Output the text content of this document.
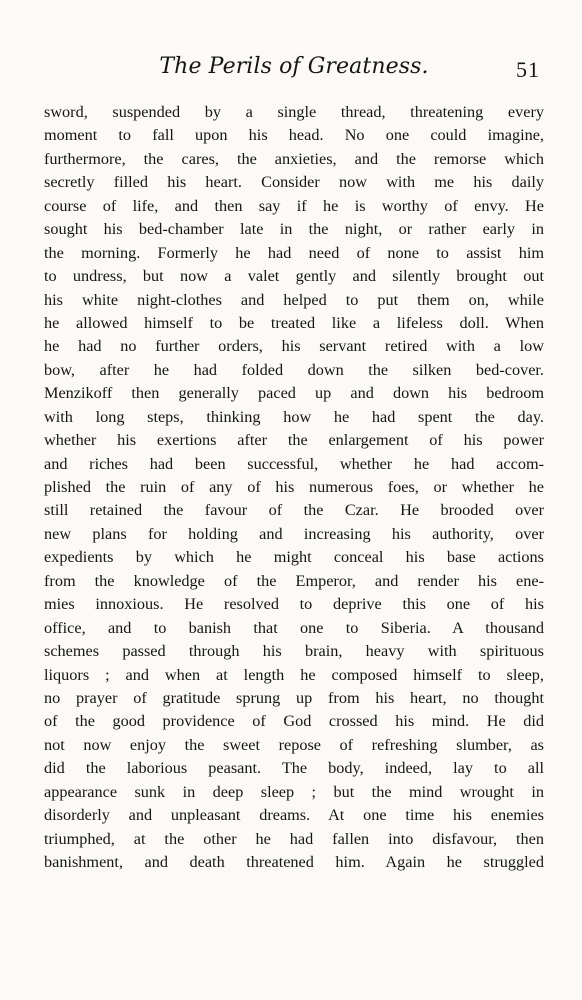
The Perils of Greatness.	51
sword, suspended by a single thread, threatening every
moment to fall upon his head. No one could imagine,
furthermore, the cares, the anxieties, and the remorse which
secretly filled his heart. Consider now with me his daily
course of life, and then say if he is worthy of envy. He
sought his bed-chamber late in the night, or rather early in
the morning. Formerly he had need of none to assist him
to undress, but now a valet gently and silently brought out
his white night-clothes and helped to put them on, while
he allowed himself to be treated like a lifeless doll. When
he had no further orders, his servant retired with a low
bow, after he had folded down the silken bed-cover.
Menzikoff then generally paced up and down his bedroom
with long steps, thinking how he had spent the day.
whether his exertions after the enlargement of his power
and riches had been successful, whether he had accom-
plished the ruin of any of his numerous foes, or whether he
still retained the favour of the Czar. He brooded over
new plans for holding and increasing his authority, over
expedients by which he might conceal his base actions
from the knowledge of the Emperor, and render his ene-
mies innoxious. He resolved to deprive this one of his
office, and to banish that one to Siberia. A thousand
schemes passed through his brain, heavy with spirituous
liquors ; and when at length he composed himself to sleep,
no prayer of gratitude sprung up from his heart, no thought
of the good providence of God crossed his mind. He did
not now enjoy the sweet repose of refreshing slumber, as
did the laborious peasant. The body, indeed, lay to all
appearance sunk in deep sleep ; but the mind wrought in
disorderly and unpleasant dreams. At one time his enemies
triumphed, at the other he had fallen into disfavour, then
banishment, and death threatened him. Again he struggled
